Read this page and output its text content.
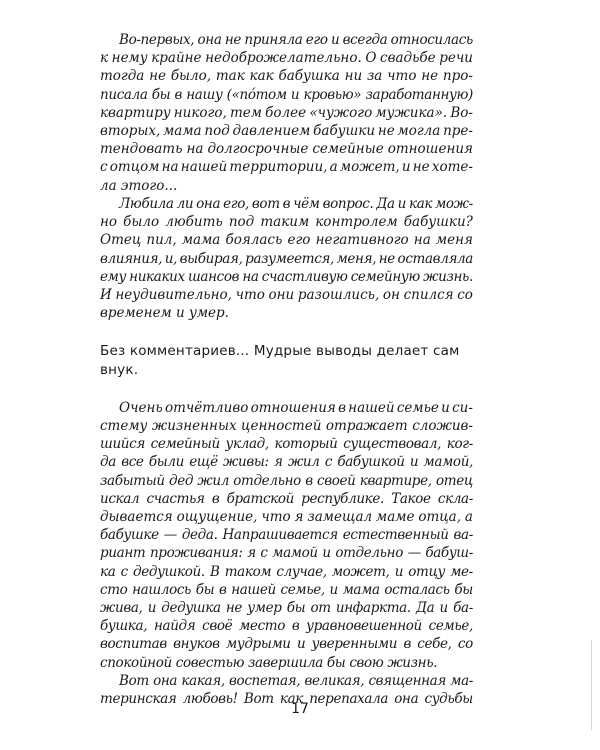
Во-первых, она не приняла его и всегда относилась

к нему крайне недоброжелательно. О свадьбе речи

тогда не было, так как бабушка ни за что не про-

писала бы в нашу («пóтом и кровью» заработанную)

квартиру никого, тем более «чужого мужика». Во-

вторых, мама под давлением бабушки не могла пре-

тендовать на долгосрочные семейные отношения

с отцом на нашей территории, а может, и не хоте-

ла этого...

Любила ли она его, вот в чём вопрос. Да и как мож-

но было любить под таким контролем бабушки?

Отец пил, мама боялась его негативного на меня

влияния, и, выбирая, разумеется, меня, не оставляла

ему никаких шансов на счастливую семейную жизнь.

И неудивительно, что они разошлись, он спился со

временем и умер.

Без комментариев... Мудрые выводы делает сам

внук.

Очень отчётливо отношения в нашей семье и си-

стему жизненных ценностей отражает сложив-

шийся семейный уклад, который существовал, ког-

да все были ещё живы: я жил с бабушкой и мамой,

забытый дед жил отдельно в своей квартире, отец

искал счастья в братской республике. Такое скла-

дывается ощущение, что я замещал маме отца, а

бабушке — деда. Напрашивается естественный ва-

риант проживания: я с мамой и отдельно — бабуш-

ка с дедушкой. В таком случае, может, и отцу ме-

сто нашлось бы в нашей семье, и мама осталась бы

жива, и дедушка не умер бы от инфаркта. Да и ба-

бушка, найдя своё место в уравновешенной семье,

воспитав внуков мудрыми и уверенными в себе, со

спокойной совестью завершила бы свою жизнь.

Вот она какая, воспетая, великая, священная ма-

теринская любовь! Вот как перепахала она судьбы

17
